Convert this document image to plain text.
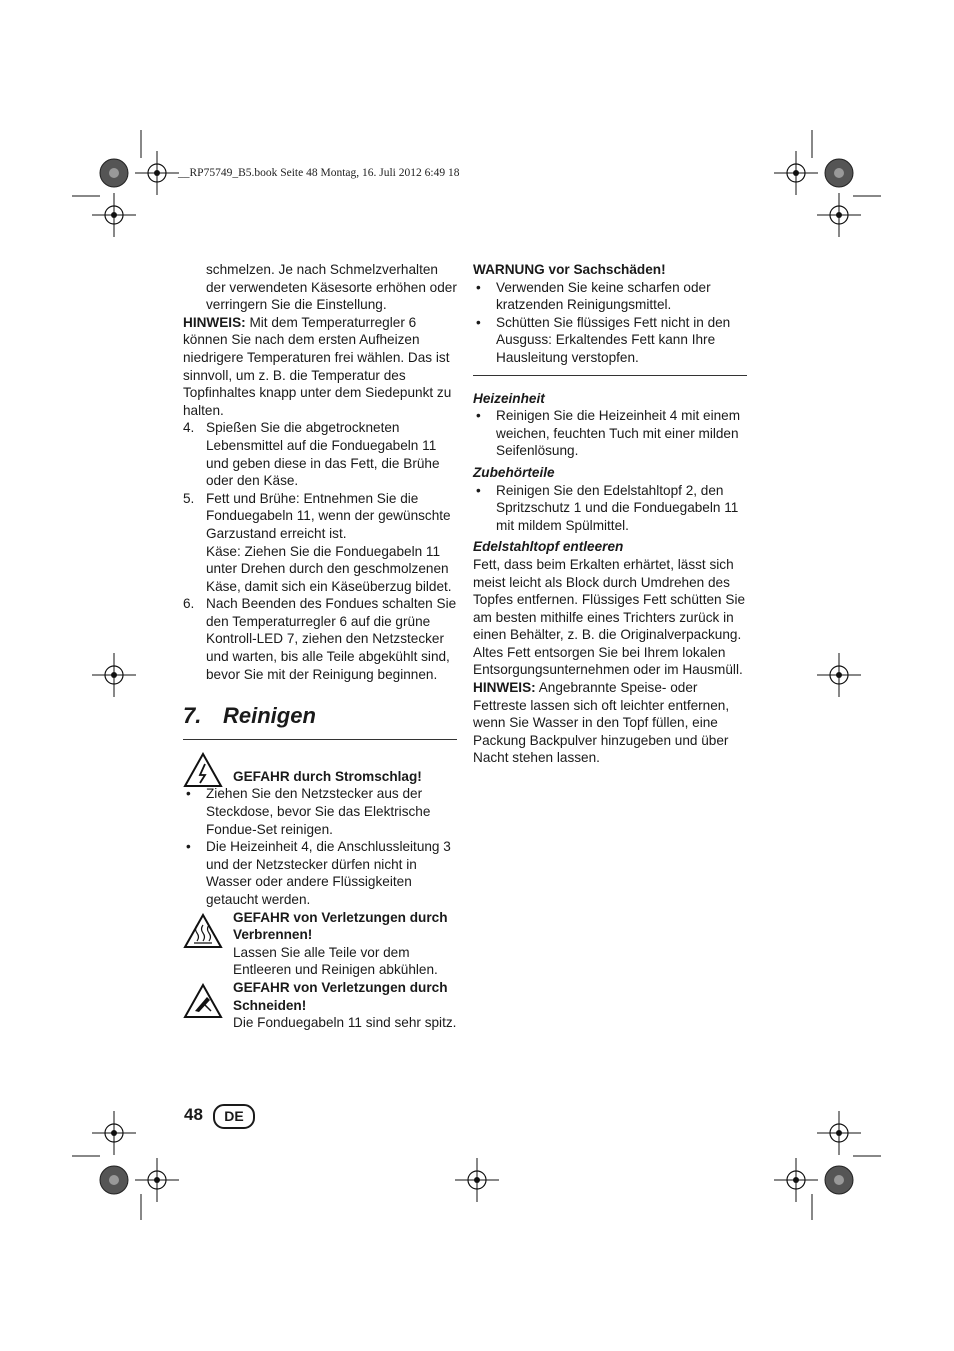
__RP75749_B5.book Seite 48 Montag, 16. Juli 2012 6:49 18

schmelzen. Je nach Schmelzverhalten der verwendeten Käsesorte erhöhen oder verringern Sie die Einstellung.

HINWEIS: Mit dem Temperaturregler 6 können Sie nach dem ersten Aufheizen niedrigere Temperaturen frei wählen. Das ist sinnvoll, um z. B. die Temperatur des Topfinhaltes knapp unter dem Siedepunkt zu halten.

4. Spießen Sie die abgetrockneten Lebensmittel auf die Fonduegabeln 11 und geben diese in das Fett, die Brühe oder den Käse.
5. Fett und Brühe: Entnehmen Sie die Fonduegabeln 11, wenn der gewünschte Garzustand erreicht ist.
Käse: Ziehen Sie die Fonduegabeln 11 unter Drehen durch den geschmolzenen Käse, damit sich ein Käseüberzug bildet.
6. Nach Beenden des Fondues schalten Sie den Temperaturregler 6 auf die grüne Kontroll-LED 7, ziehen den Netzstecker und warten, bis alle Teile abgekühlt sind, bevor Sie mit der Reinigung beginnen.
7. Reinigen
GEFAHR durch Stromschlag!
• Ziehen Sie den Netzstecker aus der Steckdose, bevor Sie das Elektrische Fondue-Set reinigen.
• Die Heizeinheit 4, die Anschlussleitung 3 und der Netzstecker dürfen nicht in Wasser oder andere Flüssigkeiten getaucht werden.
GEFAHR von Verletzungen durch Verbrennen!
Lassen Sie alle Teile vor dem Entleeren und Reinigen abkühlen.
GEFAHR von Verletzungen durch Schneiden!
Die Fonduegabeln 11 sind sehr spitz.

WARNUNG vor Sachschäden!

• Verwenden Sie keine scharfen oder kratzenden Reinigungsmittel.
• Schütten Sie flüssiges Fett nicht in den Ausguss: Erkaltendes Fett kann Ihre Hausleitung verstopfen.

Heizeinheit

• Reinigen Sie die Heizeinheit 4 mit einem weichen, feuchten Tuch mit einer milden Seifenlösung.

Zubehörteile

• Reinigen Sie den Edelstahltopf 2, den Spritzschutz 1 und die Fonduegabeln 11 mit mildem Spülmittel.

Edelstahltopf entleeren

Fett, dass beim Erkalten erhärtet, lässt sich meist leicht als Block durch Umdrehen des Topfes entfernen. Flüssiges Fett schütten Sie am besten mithilfe eines Trichters zurück in einen Behälter, z. B. die Originalverpackung. Altes Fett entsorgen Sie bei Ihrem lokalen Entsorgungsunternehmen oder im Hausmüll.

HINWEIS: Angebrannte Speise- oder Fettreste lassen sich oft leichter entfernen, wenn Sie Wasser in den Topf füllen, eine Packung Backpulver hinzugeben und über Nacht stehen lassen.

48	DE
